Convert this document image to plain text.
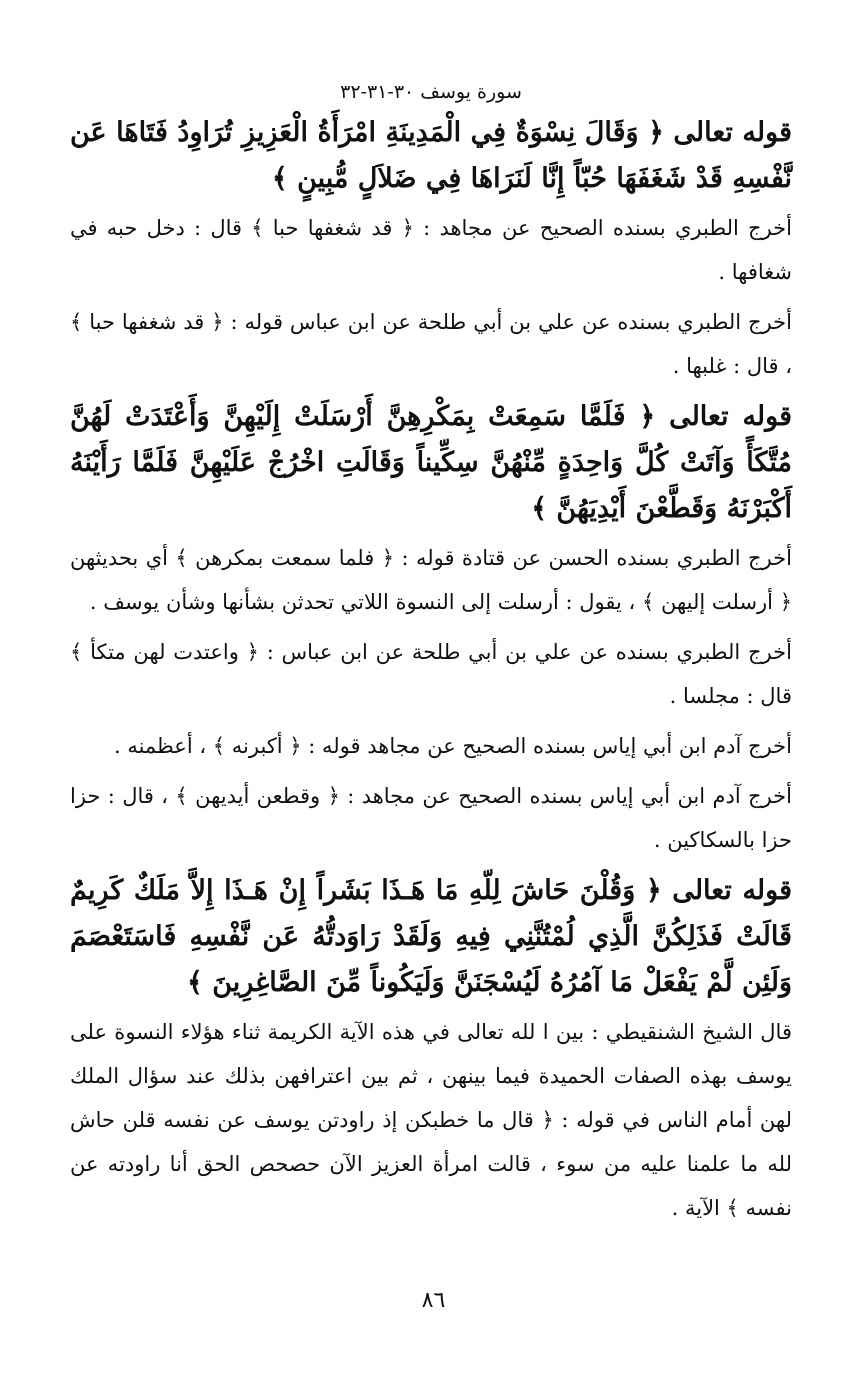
سورة يوسف ٣٠-٣١-٣٢

قوله تعالى ﴿ وَقَالَ نِسْوَةٌ فِي الْمَدِينَةِ امْرَأَةُ الْعَزِيزِ تُرَاوِدُ فَتَاهَا عَن نَّفْسِهِ قَدْ شَغَفَهَا حُبّاً إِنَّا لَنَرَاهَا فِي ضَلاَلٍ مُّبِينٍ ﴾

أخرج الطبري بسنده الصحيح عن مجاهد : ﴿ قد شغفها حبا ﴾ قال : دخل حبه في شغافها .

أخرج الطبري بسنده عن علي بن أبي طلحة عن ابن عباس قوله : ﴿ قد شغفها حبا ﴾ ، قال : غلبها .

قوله تعالى ﴿ فَلَمَّا سَمِعَتْ بِمَكْرِهِنَّ أَرْسَلَتْ إِلَيْهِنَّ وَأَعْتَدَتْ لَهُنَّ مُتَّكَأً وَآتَتْ كُلَّ وَاحِدَةٍ مِّنْهُنَّ سِكِّيناً وَقَالَتِ اخْرُجْ عَلَيْهِنَّ فَلَمَّا رَأَيْنَهُ أَكْبَرْنَهُ وَقَطَّعْنَ أَيْدِيَهُنَّ ﴾

أخرج الطبري بسنده الحسن عن قتادة قوله : ﴿ فلما سمعت بمكرهن ﴾ أي بحديثهن ﴿ أرسلت إليهن ﴾ ، يقول : أرسلت إلى النسوة اللاتي تحدثن بشأنها وشأن يوسف .

أخرج الطبري بسنده عن علي بن أبي طلحة عن ابن عباس : ﴿ واعتدت لهن متكأ ﴾ قال : مجلسا .

أخرج آدم ابن أبي إياس بسنده الصحيح عن مجاهد قوله : ﴿ أكبرنه ﴾ ، أعظمنه .

أخرج آدم ابن أبي إياس بسنده الصحيح عن مجاهد : ﴿ وقطعن أيديهن ﴾ ، قال : حزا حزا بالسكاكين .

قوله تعالى ﴿ وَقُلْنَ حَاشَ لِلّهِ مَا هَـذَا بَشَراً إِنْ هَـذَا إِلاَّ مَلَكٌ كَرِيمٌ قَالَتْ فَذَلِكُنَّ الَّذِي لُمْتُنَّنِي فِيهِ وَلَقَدْ رَاوَدتُّهُ عَن نَّفْسِهِ فَاسَتَعْصَمَ وَلَئِن لَّمْ يَفْعَلْ مَا آمُرُهُ لَيُسْجَنَنَّ وَلَيَكُوناً مِّنَ الصَّاغِرِينَ ﴾

قال الشيخ الشنقيطي : بين ا لله تعالى في هذه الآية الكريمة ثناء هؤلاء النسوة على يوسف بهذه الصفات الحميدة فيما بينهن ، ثم بين اعترافهن بذلك عند سؤال الملك لهن أمام الناس في قوله : ﴿ قال ما خطبكن إذ راودتن يوسف عن نفسه قلن حاش لله ما علمنا عليه من سوء ، قالت امرأة العزيز الآن حصحص الحق أنا راودته عن نفسه ﴾ الآية .

٨٦
